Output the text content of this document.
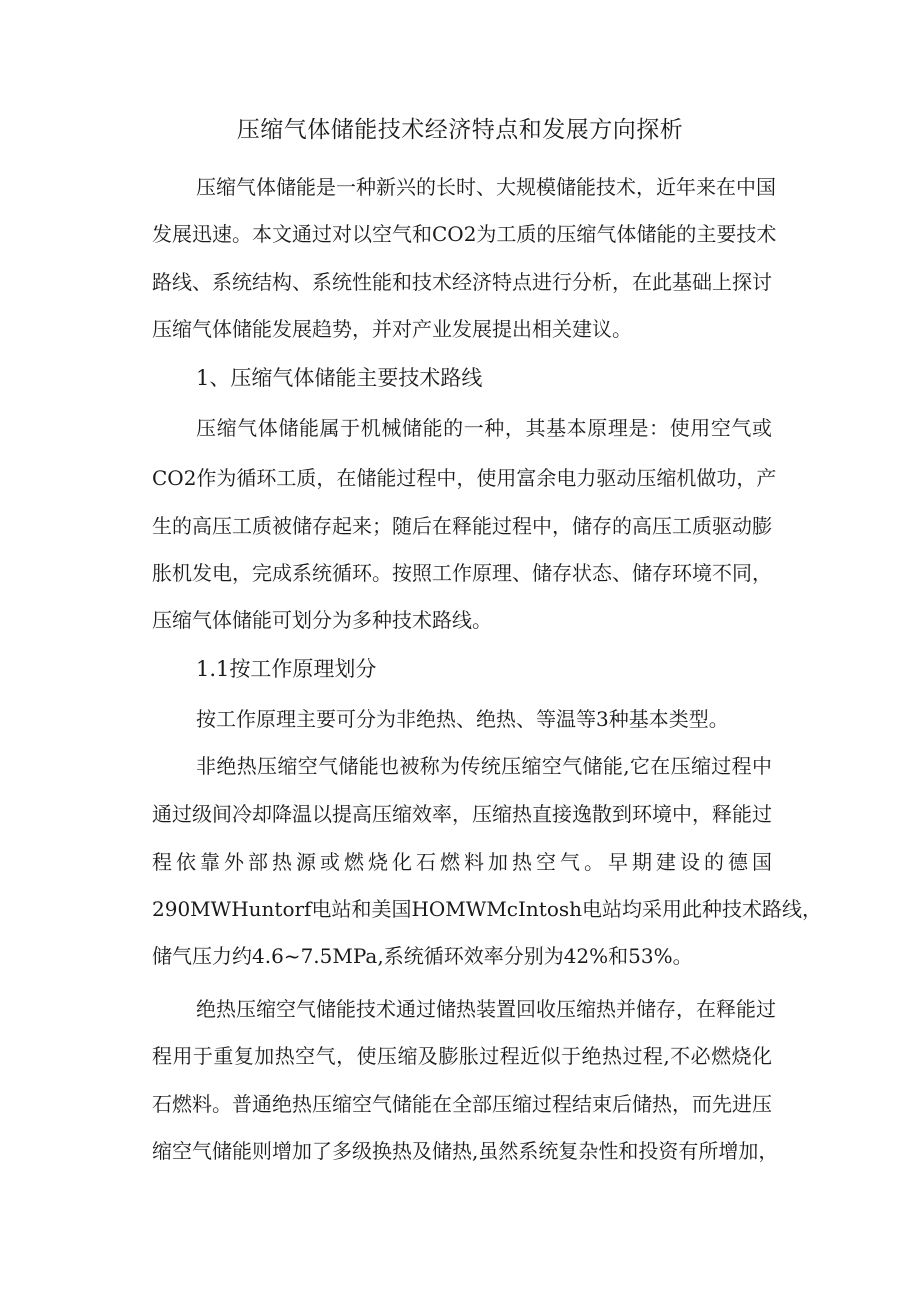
压缩气体储能技术经济特点和发展方向探析

压缩气体储能是一种新兴的长时、大规模储能技术，近年来在中国

发展迅速。本文通过对以空气和CO2为工质的压缩气体储能的主要技术

路线、系统结构、系统性能和技术经济特点进行分析，在此基础上探讨

压缩气体储能发展趋势，并对产业发展提出相关建议。

1、压缩气体储能主要技术路线

压缩气体储能属于机械储能的一种，其基本原理是：使用空气或

CO2作为循环工质，在储能过程中，使用富余电力驱动压缩机做功，产

生的高压工质被储存起来；随后在释能过程中，储存的高压工质驱动膨

胀机发电，完成系统循环。按照工作原理、储存状态、储存环境不同，

压缩气体储能可划分为多种技术路线。

1.1按工作原理划分

按工作原理主要可分为非绝热、绝热、等温等3种基本类型。

非绝热压缩空气储能也被称为传统压缩空气储能,它在压缩过程中

通过级间冷却降温以提高压缩效率，压缩热直接逸散到环境中，释能过

程依靠外部热源或燃烧化石燃料加热空气。早期建设的德国

290MWHuntorf电站和美国HOMWMcIntosh电站均采用此种技术路线，

储气压力约4.6~7.5MPa,系统循环效率分别为42%和53%。

绝热压缩空气储能技术通过储热装置回收压缩热并储存，在释能过

程用于重复加热空气，使压缩及膨胀过程近似于绝热过程,不必燃烧化

石燃料。普通绝热压缩空气储能在全部压缩过程结束后储热，而先进压

缩空气储能则增加了多级换热及储热,虽然系统复杂性和投资有所增加，
